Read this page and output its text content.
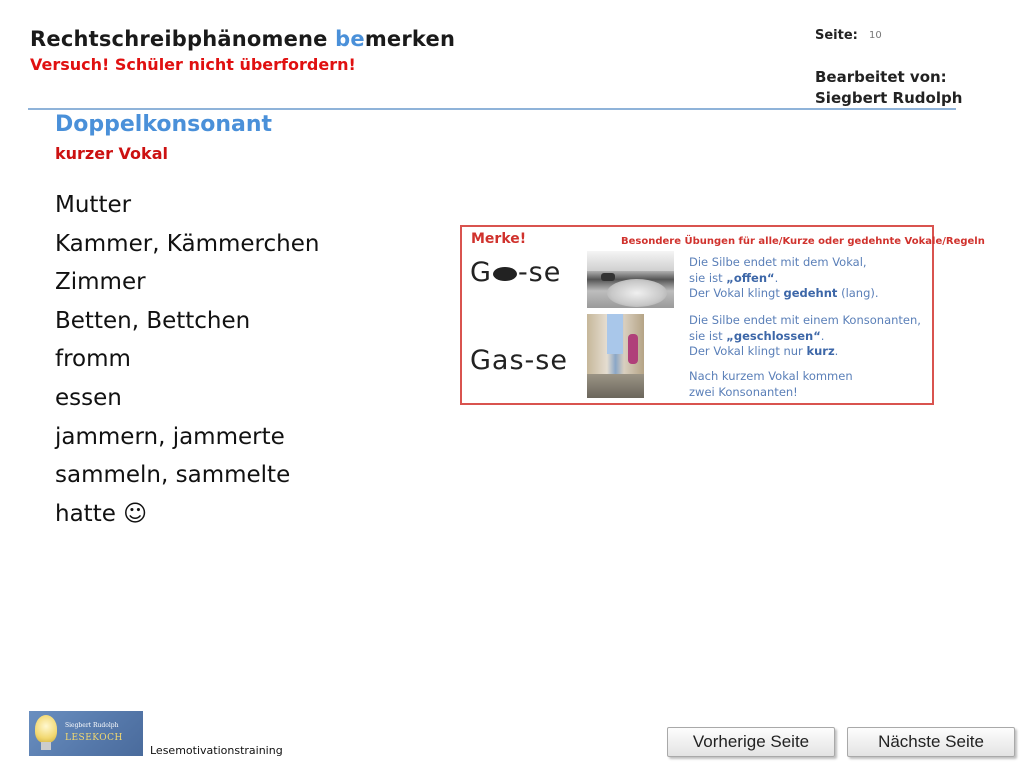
Rechtschreibphänomene bemerken
Versuch! Schüler nicht überfordern!
Seite: 10
Bearbeitet von:
Siegbert Rudolph
Doppelkonsonant
kurzer Vokal
Mutter
Kammer, Kämmerchen
Zimmer
Betten, Bettchen
fromm
essen
jammern, jammerte
sammeln, sammelte
hatte ☺
Merke!	Besondere Übungen für alle/Kurze oder gedehnte Vokale/Regeln
G -se
Gas-se
Die Silbe endet mit dem Vokal,
sie ist „offen“.
Der Vokal klingt gedehnt (lang).
Die Silbe endet mit einem Konsonanten,
sie ist „geschlossen“.
Der Vokal klingt nur kurz.
Nach kurzem Vokal kommen
zwei Konsonanten!
Siegbert Rudolph
LESEKOCH
Lesemotivationstraining	Vorherige Seite	Nächste Seite
